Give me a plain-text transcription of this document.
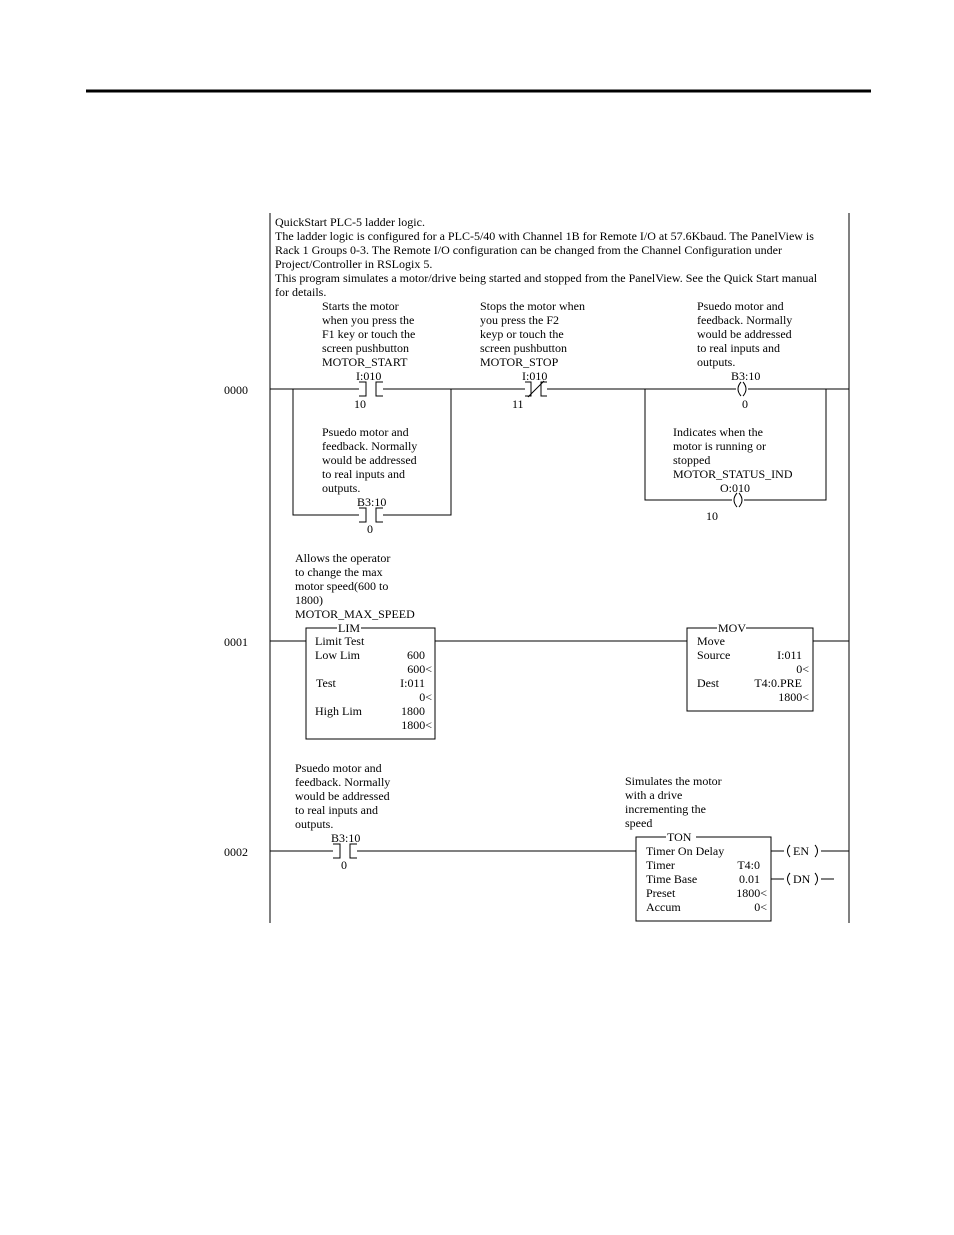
QuickStart PLC-5 ladder logic.
The ladder logic is configured for a PLC-5/40 with Channel 1B for Remote I/O at 57.6Kbaud. The PanelView is
Rack 1 Groups 0-3. The Remote I/O configuration can be changed from the Channel Configuration under
Project/Controller in RSLogix 5.
This program simulates a motor/drive being started and stopped from the PanelView. See the Quick Start manual
for details.
0000
Starts the motor
when you press the
F1 key or touch the
screen pushbutton
MOTOR_START
Stops the motor when
you press the F2
keyp or touch the
screen pushbutton
MOTOR_STOP
Psuedo motor and
feedback. Normally
would be addressed
to real inputs and
outputs.
I:010
10
I:010
11
B3:10
0
Psuedo motor and
feedback. Normally
would be addressed
to real inputs and
outputs.
B3:10
0
Indicates when the
motor is running or
stopped
MOTOR_STATUS_IND
O:010
10
0001
Allows the operator
to change the max
motor speed(600 to
1800)
MOTOR_MAX_SPEED
LIM
Limit Test
Low Lim	600
600<
Test	I:011
0<
High Lim	1800
1800<
MOV
Move
Source	I:011
0<
Dest	T4:0.PRE
1800<
0002
Psuedo motor and
feedback. Normally
would be addressed
to real inputs and
outputs.
Simulates the motor
with a drive
incrementing the
speed
B3:10
0
TON
Timer On Delay
Timer	T4:0
Time Base	0.01
Preset	1800<
Accum	0<
EN
DN
